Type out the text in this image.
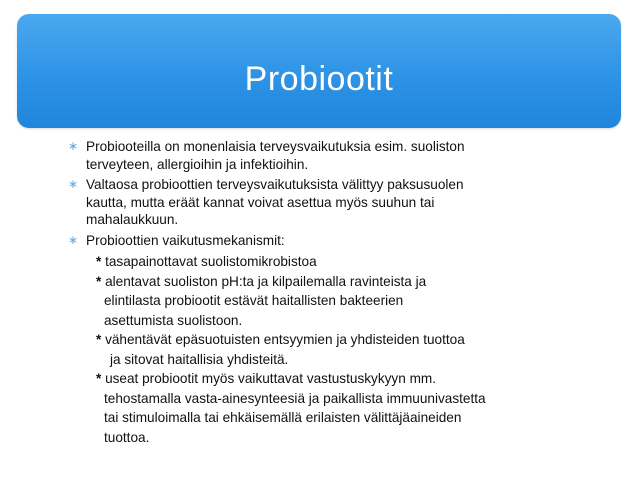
Probiootit
∗ Probiooteilla on monenlaisia terveysvaikutuksia esim. suoliston
terveyteen, allergioihin ja infektioihin.
∗ Valtaosa probioottien terveysvaikutuksista välittyy paksusuolen
kautta, mutta eräät kannat voivat asettua myös suuhun tai
mahalaukkuun.
∗ Probioottien vaikutusmekanismit:
* tasapainottavat suolistomikrobistoa
* alentavat suoliston pH:ta ja kilpailemalla ravinteista ja
elintilasta probiootit estävät haitallisten bakteerien
asettumista suolistoon.
* vähentävät epäsuotuisten entsyymien ja yhdisteiden tuottoa
ja sitovat haitallisia yhdisteitä.
* useat probiootit myös vaikuttavat vastustuskykyyn mm.
tehostamalla vasta-ainesynteesiä ja paikallista immuunivastetta
tai stimuloimalla tai ehkäisemällä erilaisten välittäjäaineiden
tuottoa.
